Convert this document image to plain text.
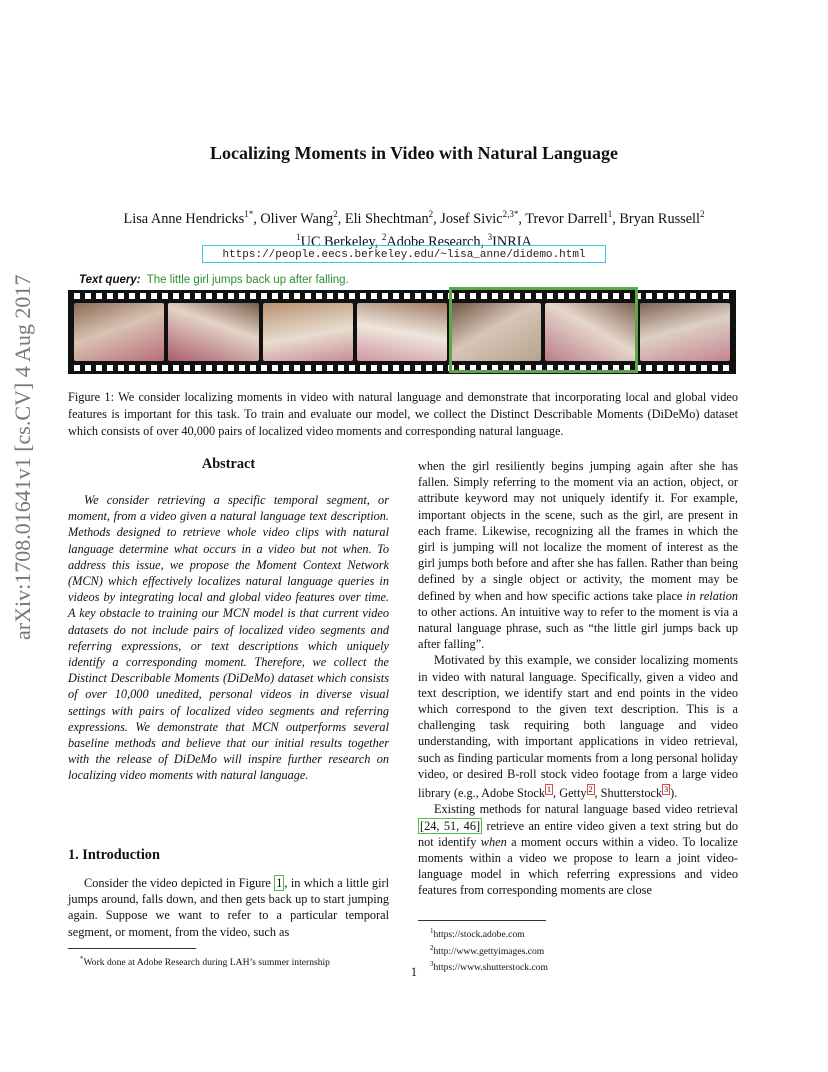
arXiv:1708.01641v1 [cs.CV] 4 Aug 2017
Localizing Moments in Video with Natural Language
Lisa Anne Hendricks$^{1*}$, Oliver Wang$^2$, Eli Shechtman$^2$, Josef Sivic$^{2,3*}$, Trevor Darrell$^1$, Bryan Russell$^2$
$^1$UC Berkeley, $^2$Adobe Research, $^3$INRIA
https://people.eecs.berkeley.edu/~lisa_anne/didemo.html
Text query: The little girl jumps back up after falling.
Figure 1: We consider localizing moments in video with natural language and demonstrate that incorporating local and global video features is important for this task. To train and evaluate our model, we collect the Distinct Describable Moments (DiDeMo) dataset which consists of over 40,000 pairs of localized video moments and corresponding natural language.
Abstract

We consider retrieving a specific temporal segment, or moment, from a video given a natural language text description. Methods designed to retrieve whole video clips with natural language determine what occurs in a video but not when. To address this issue, we propose the Moment Context Network (MCN) which effectively localizes natural language queries in videos by integrating local and global video features over time. A key obstacle to training our MCN model is that current video datasets do not include pairs of localized video segments and referring expressions, or text descriptions which uniquely identify a corresponding moment. Therefore, we collect the Distinct Describable Moments (DiDeMo) dataset which consists of over 10,000 unedited, personal videos in diverse visual settings with pairs of localized video segments and referring expressions. We demonstrate that MCN outperforms several baseline methods and believe that our initial results together with the release of DiDeMo will inspire further research on localizing video moments with natural language.

1. Introduction

Consider the video depicted in Figure 1 , in which a little girl jumps around, falls down, and then gets back up to start jumping again. Suppose we want to refer to a particular temporal segment, or moment, from the video, such as

when the girl resiliently begins jumping again after she has fallen. Simply referring to the moment via an action, object, or attribute keyword may not uniquely identify it. For example, important objects in the scene, such as the girl, are present in each frame. Likewise, recognizing all the frames in which the girl is jumping will not localize the moment of interest as the girl jumps both before and after she has fallen. Rather than being defined by a single object or activity, the moment may be defined by when and how specific actions take place in relation to other actions. An intuitive way to refer to the moment is via a natural language phrase, such as “the little girl jumps back up after falling”.

Motivated by this example, we consider localizing moments in video with natural language. Specifically, given a video and text description, we identify start and end points in the video which correspond to the given text description. This is a challenging task requiring both language and video understanding, with important applications in video retrieval, such as finding particular moments from a long personal holiday video, or desired B-roll stock video footage from a large video library (e.g., Adobe Stock $^1$ , Getty $^2$ , Shutterstock $^3$ ).

Existing methods for natural language based video retrieval [24, 51, 46] retrieve an entire video given a text string but do not identify when a moment occurs within a video. To localize moments within a video we propose to learn a joint video-language model in which referring expressions and video features from corresponding moments are close

*Work done at Adobe Research during LAH’s summer internship
$^1$https://stock.adobe.com
$^2$http://www.gettyimages.com
$^3$https://www.shutterstock.com
1
